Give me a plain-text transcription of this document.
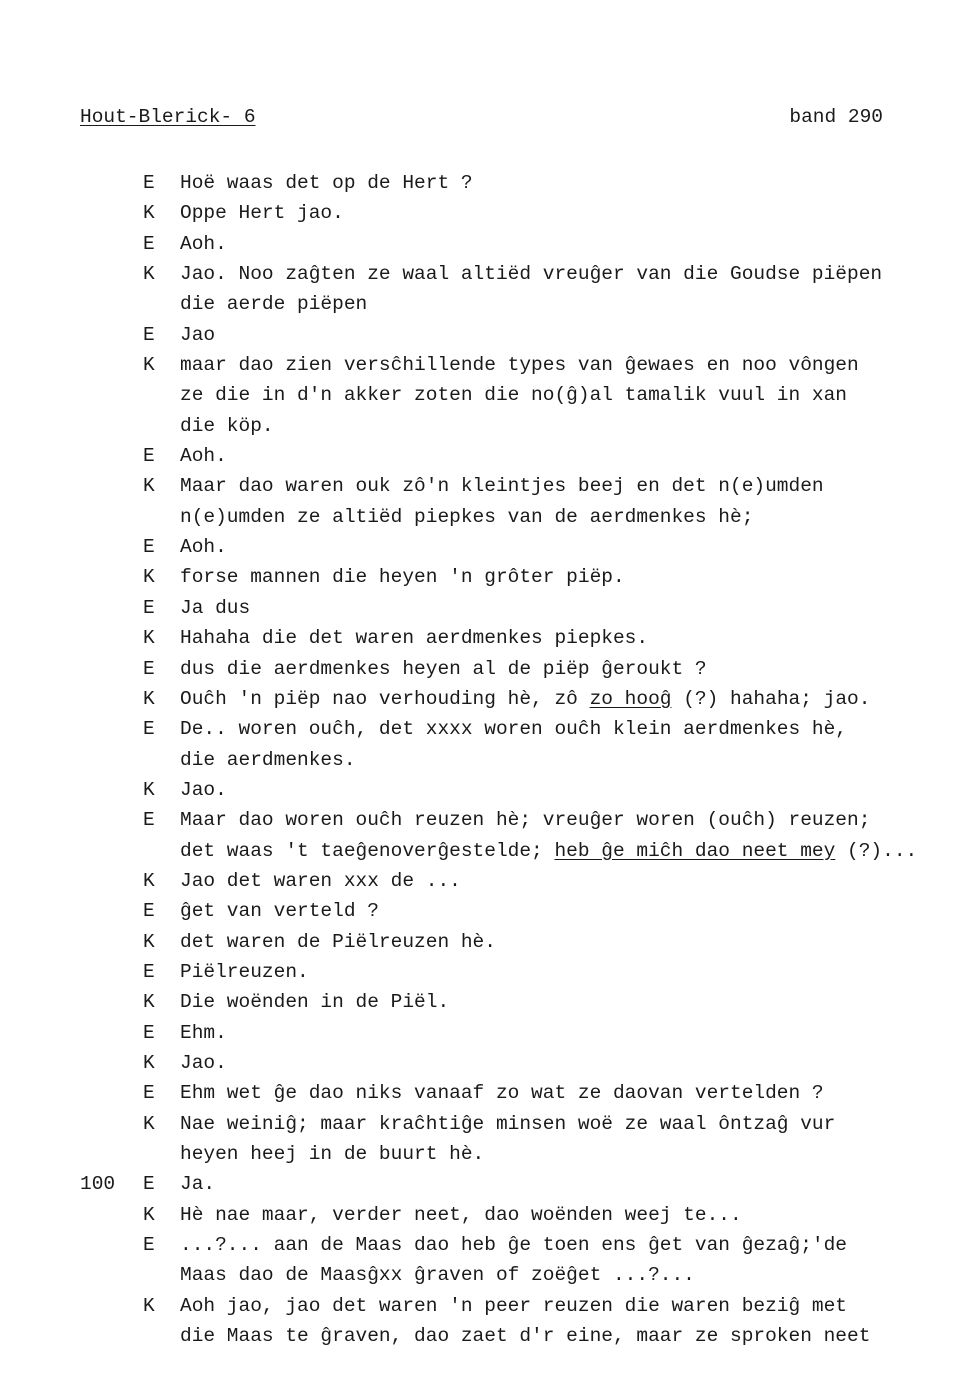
Hout-Blerick- 6	band 290
E Hoë waas det op de Hert ?
K Oppe Hert jao.
E Aoh.
K Jao. Noo zaĝten ze waal altiëd vreuĝer van die Goudse piëpen
die aerde piëpen
E Jao
K maar dao zien versĉhillende types van ĝewaes en noo vôngen
ze die in d'n akker zoten die no(ĝ)al tamalik vuul in xan
die köp.
E Aoh.
K Maar dao waren ouk zô'n kleintjes beej en det n(e)umden
n(e)umden ze altiëd piepkes van de aerdmenkes hè;
E Aoh.
K forse mannen die heyen 'n grôter piëp.
E Ja dus
K Hahaha die det waren aerdmenkes piepkes.
E dus die aerdmenkes heyen al de piëp ĝeroukt ?
K Ouĉh 'n piëp nao verhouding hè, zô zo hooĝ (?) hahaha; jao.
E De.. woren ouĉh, det xxxx woren ouĉh klein aerdmenkes hè,
die aerdmenkes.
K Jao.
E Maar dao woren ouĉh reuzen hè; vreuĝer woren (ouĉh) reuzen;
det waas 't taeĝenoverĝestelde; heb ĝe miĉh dao neet mey (?)...
K Jao det waren xxx de ...
E ĝet van verteld ?
K det waren de Piëlreuzen hè.
E Piëlreuzen.
K Die woënden in de Piël.
E Ehm.
K Jao.
E Ehm wet ĝe dao niks vanaaf zo wat ze daovan vertelden ?
K Nae weiniĝ; maar kraĉhtiĝe minsen woë ze waal ôntzaĝ vur
heyen heej in de buurt hè.
100 E Ja.
K Hè nae maar, verder neet, dao woënden weej te...
E ...?... aan de Maas dao heb ĝe toen ens ĝet van ĝezaĝ;'de
Maas dao de Maasĝxx ĝraven of zoëĝet ...?...
K Aoh jao, jao det waren 'n peer reuzen die waren beziĝ met
die Maas te ĝraven, dao zaet d'r eine, maar ze sproken neet
